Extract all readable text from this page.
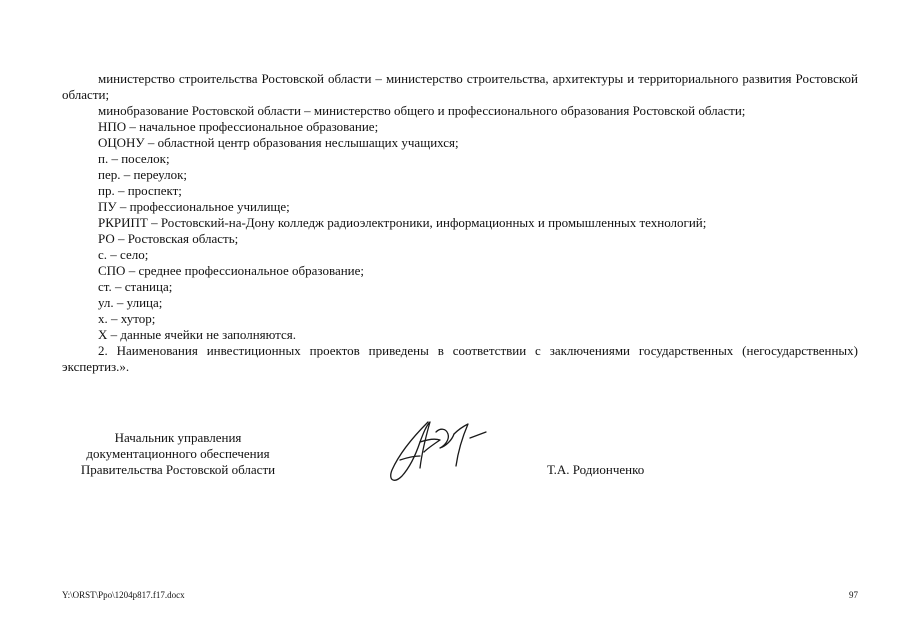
министерство строительства Ростовской области – министерство строительства, архитектуры и территориального развития Ростовской области;

минобразование Ростовской области – министерство общего и профессионального образования Ростовской области;

НПО – начальное профессиональное образование;

ОЦОНУ – областной центр образования неслышащих учащихся;

п. – поселок;

пер. – переулок;

пр. – проспект;

ПУ – профессиональное училище;

РКРИПТ – Ростовский-на-Дону колледж радиоэлектроники, информационных и промышленных технологий;

РО – Ростовская область;

с. – село;

СПО – среднее профессиональное образование;

ст. – станица;

ул. – улица;

х. – хутор;

Х – данные ячейки не заполняются.

2. Наименования инвестиционных проектов приведены в соответствии с заключениями государственных (негосударственных) экспертиз.».

Начальник управления
документационного обеспечения
Правительства Ростовской области	Т.А. Родионченко
Y:\ORST\Ppo\1204p817.f17.docx	97
